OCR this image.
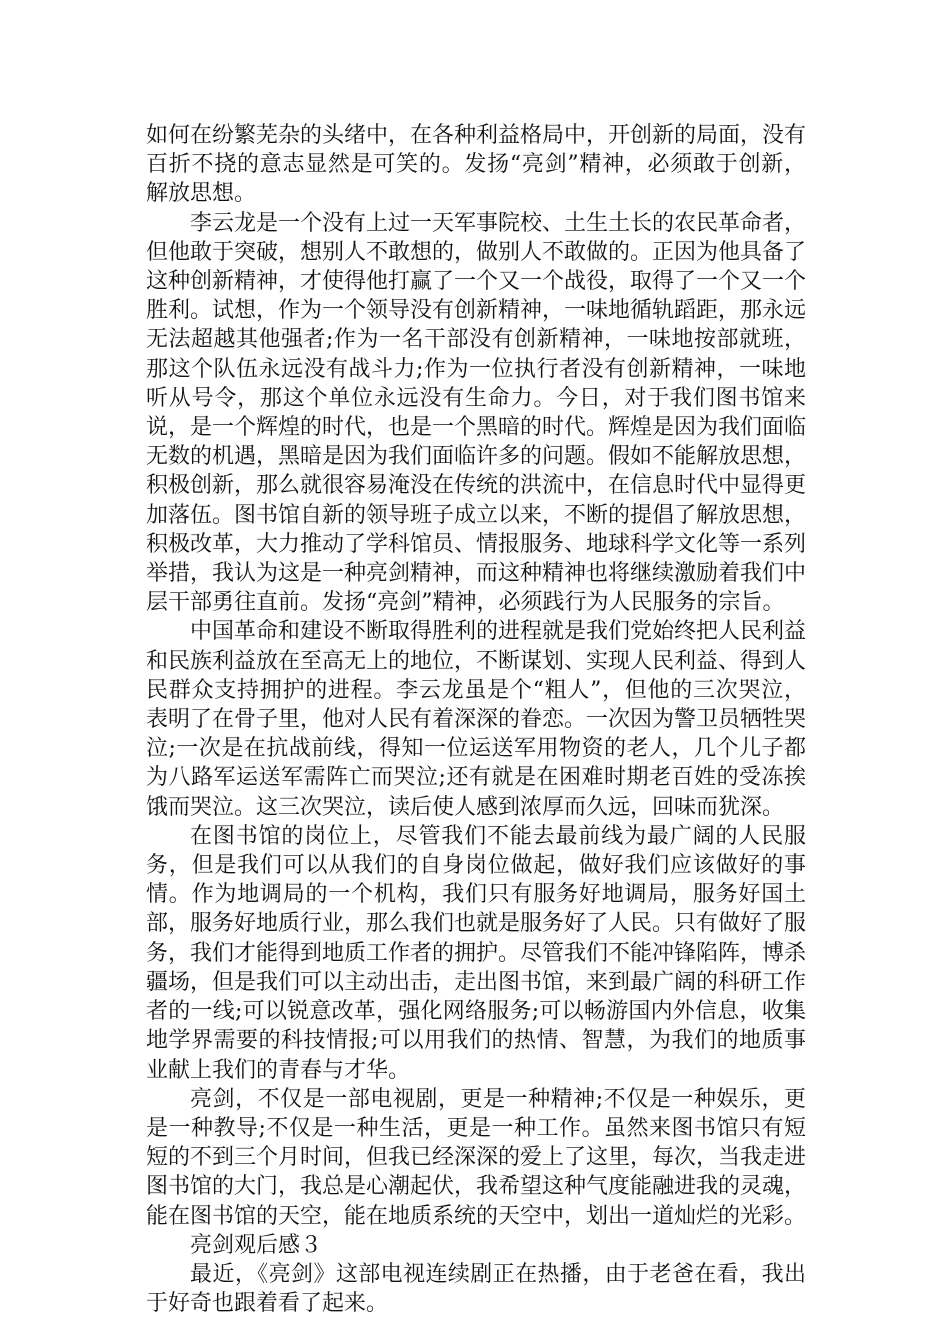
如何在纷繁芜杂的头绪中，在各种利益格局中，开创新的局面，没有百折不挠的意志显然是可笑的。发扬“亮剑”精神，必须敢于创新，解放思想。

李云龙是一个没有上过一天军事院校、土生土长的农民革命者，但他敢于突破，想别人不敢想的，做别人不敢做的。正因为他具备了这种创新精神，才使得他打赢了一个又一个战役，取得了一个又一个胜利。试想，作为一个领导没有创新精神，一味地循轨蹈距，那永远无法超越其他强者;作为一名干部没有创新精神，一味地按部就班，那这个队伍永远没有战斗力;作为一位执行者没有创新精神，一味地听从号令，那这个单位永远没有生命力。今日，对于我们图书馆来说，是一个辉煌的时代，也是一个黑暗的时代。辉煌是因为我们面临无数的机遇，黑暗是因为我们面临许多的问题。假如不能解放思想，积极创新，那么就很容易淹没在传统的洪流中，在信息时代中显得更加落伍。图书馆自新的领导班子成立以来，不断的提倡了解放思想，积极改革，大力推动了学科馆员、情报服务、地球科学文化等一系列举措，我认为这是一种亮剑精神，而这种精神也将继续激励着我们中层干部勇往直前。发扬“亮剑”精神，必须践行为人民服务的宗旨。

中国革命和建设不断取得胜利的进程就是我们党始终把人民利益和民族利益放在至高无上的地位，不断谋划、实现人民利益、得到人民群众支持拥护的进程。李云龙虽是个“粗人”，但他的三次哭泣，表明了在骨子里，他对人民有着深深的眷恋。一次因为警卫员牺牲哭泣;一次是在抗战前线，得知一位运送军用物资的老人，几个儿子都为八路军运送军需阵亡而哭泣;还有就是在困难时期老百姓的受冻挨饿而哭泣。这三次哭泣，读后使人感到浓厚而久远，回味而犹深。

在图书馆的岗位上，尽管我们不能去最前线为最广阔的人民服务，但是我们可以从我们的自身岗位做起，做好我们应该做好的事情。作为地调局的一个机构，我们只有服务好地调局，服务好国土部，服务好地质行业，那么我们也就是服务好了人民。只有做好了服务，我们才能得到地质工作者的拥护。尽管我们不能冲锋陷阵，博杀疆场，但是我们可以主动出击，走出图书馆，来到最广阔的科研工作者的一线;可以锐意改革，强化网络服务;可以畅游国内外信息，收集地学界需要的科技情报;可以用我们的热情、智慧，为我们的地质事业献上我们的青春与才华。

亮剑，不仅是一部电视剧，更是一种精神;不仅是一种娱乐，更是一种教导;不仅是一种生活，更是一种工作。虽然来图书馆只有短短的不到三个月时间，但我已经深深的爱上了这里，每次，当我走进图书馆的大门，我总是心潮起伏，我希望这种气度能融进我的灵魂，能在图书馆的天空，能在地质系统的天空中，划出一道灿烂的光彩。

亮剑观后感３

最近，《亮剑》这部电视连续剧正在热播，由于老爸在看，我出于好奇也跟着看了起来。
